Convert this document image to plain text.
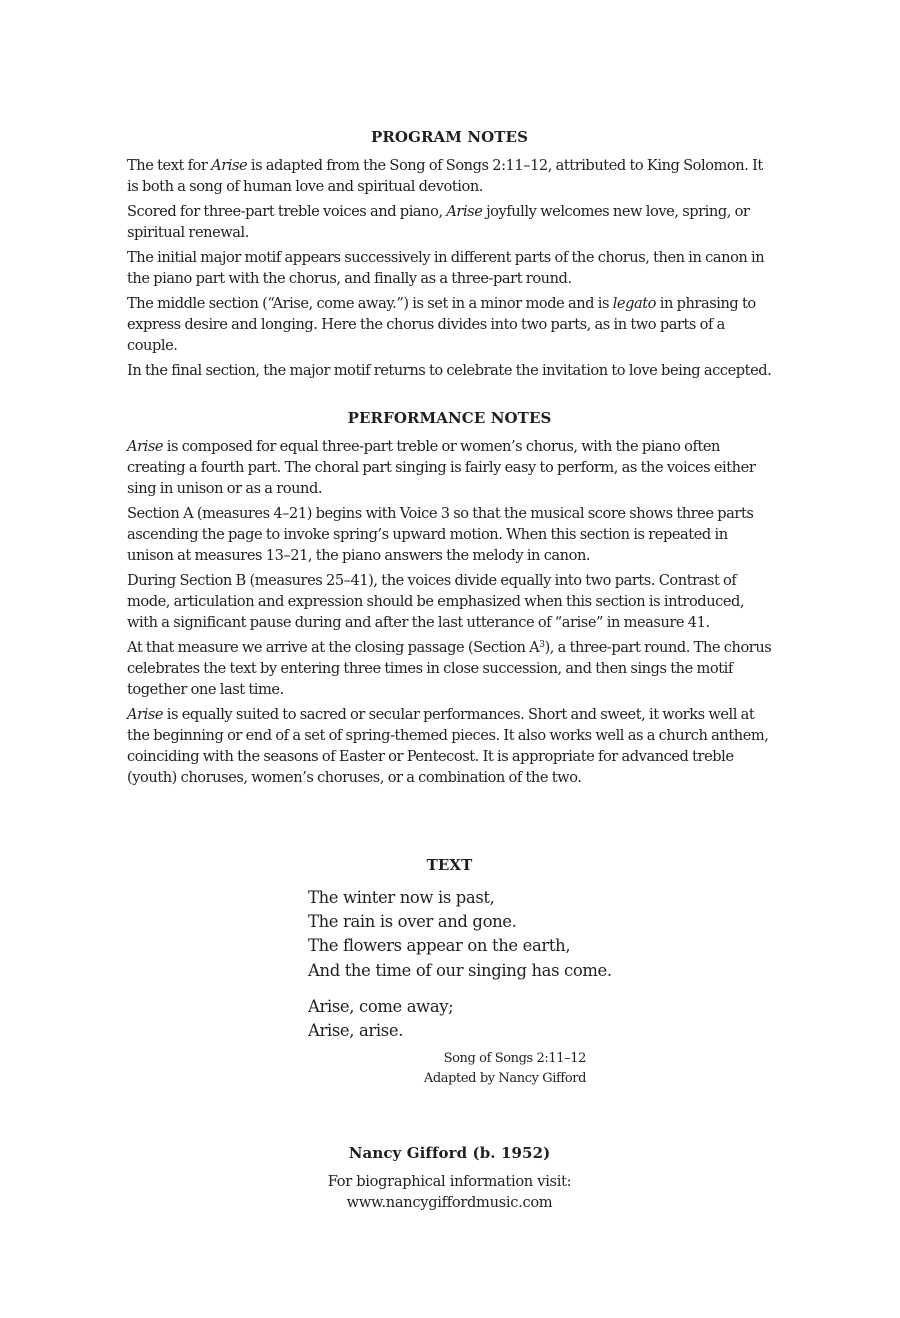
PROGRAM NOTES

The text for Arise is adapted from the Song of Songs 2:11–12, attributed to King Solomon. It is both a song of human love and spiritual devotion.

Scored for three-part treble voices and piano, Arise joyfully welcomes new love, spring, or spiritual renewal.

The initial major motif appears successively in different parts of the chorus, then in canon in the piano part with the chorus, and finally as a three-part round.

The middle section (“Arise, come away.”) is set in a minor mode and is legato in phrasing to express desire and longing. Here the chorus divides into two parts, as in two parts of a couple.

In the final section, the major motif returns to celebrate the invitation to love being accepted.

PERFORMANCE NOTES

Arise is composed for equal three-part treble or women’s chorus, with the piano often creating a fourth part. The choral part singing is fairly easy to perform, as the voices either sing in unison or as a round.

Section A (measures 4–21) begins with Voice 3 so that the musical score shows three parts ascending the page to invoke spring’s upward motion. When this section is repeated in unison at measures 13–21, the piano answers the melody in canon.

During Section B (measures 25–41), the voices divide equally into two parts. Contrast of mode, articulation and expression should be emphasized when this section is introduced, with a significant pause during and after the last utterance of “arise” in measure 41.

At that measure we arrive at the closing passage (Section $A^3$), a three-part round. The chorus celebrates the text by entering three times in close succession, and then sings the motif together one last time.

Arise is equally suited to sacred or secular performances. Short and sweet, it works well at the beginning or end of a set of spring-themed pieces. It also works well as a church anthem, coinciding with the seasons of Easter or Pentecost. It is appropriate for advanced treble (youth) choruses, women’s choruses, or a combination of the two.

TEXT
The winter now is past,
The rain is over and gone.
The flowers appear on the earth,
And the time of our singing has come.
Arise, come away;
Arise, arise.
Song of Songs 2:11–12
Adapted by Nancy Gifford
Nancy Gifford (b. 1952)
For biographical information visit:
www.nancygiffordmusic.com
